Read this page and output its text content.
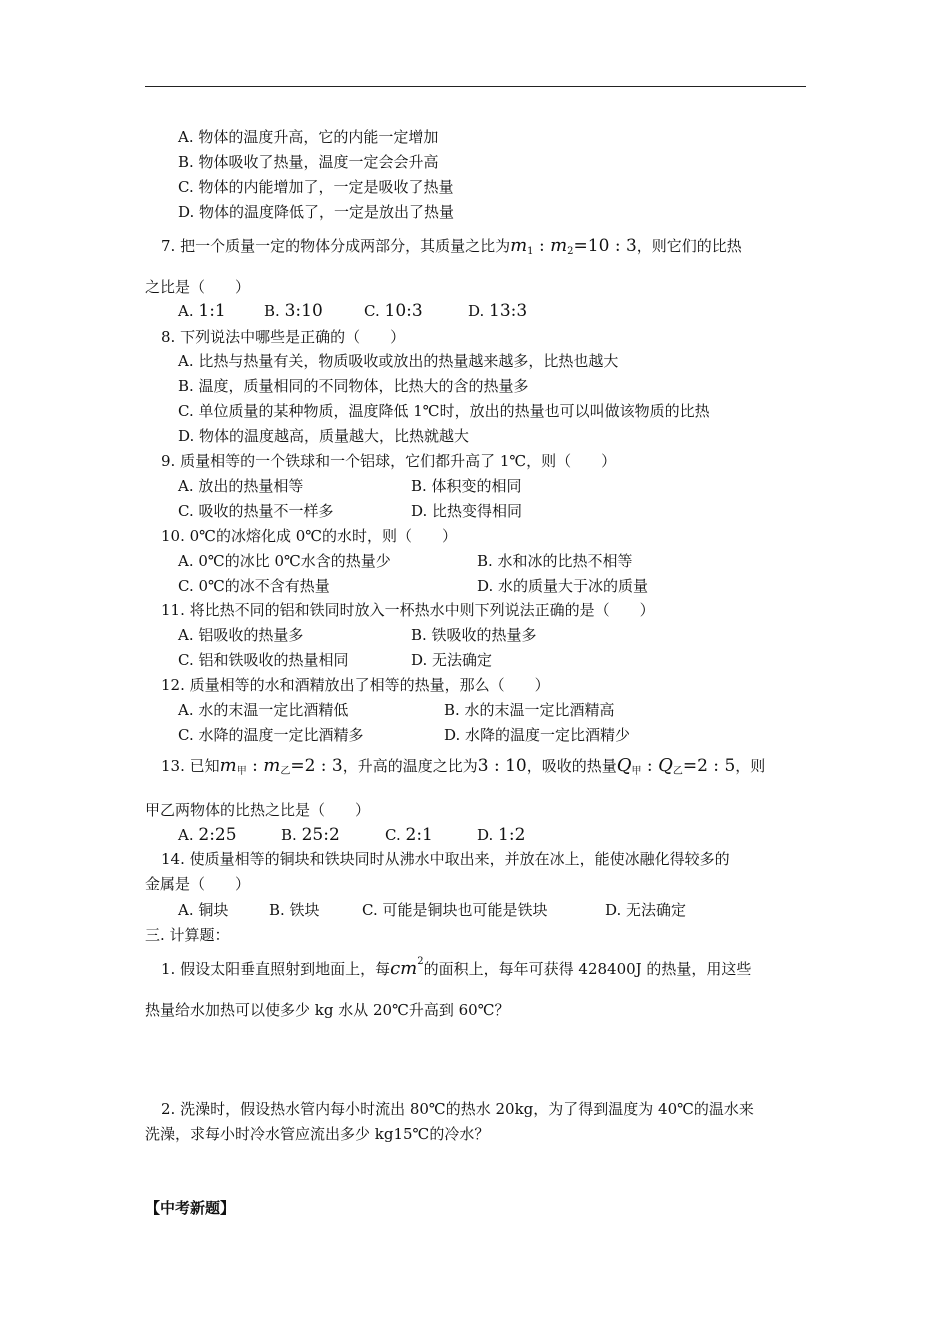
A. 物体的温度升高，它的内能一定增加
B. 物体吸收了热量，温度一定会会升高
C. 物体的内能增加了，一定是吸收了热量
D. 物体的温度降低了，一定是放出了热量
7. 把一个质量一定的物体分成两部分，其质量之比为$m_1$ : $m_2=10$ : 3，则它们的比热
之比是（　　）
A. 1:1	B. 3:10	C. 10:3	D. 13:3
8. 下列说法中哪些是正确的（　　）
A. 比热与热量有关，物质吸收或放出的热量越来越多，比热也越大
B. 温度，质量相同的不同物体，比热大的含的热量多
C. 单位质量的某种物质，温度降低 1℃时，放出的热量也可以叫做该物质的比热
D. 物体的温度越高，质量越大，比热就越大
9. 质量相等的一个铁球和一个铝球，它们都升高了 1℃，则（　　）
A. 放出的热量相等	B. 体积变的相同
C. 吸收的热量不一样多	D. 比热变得相同
10. 0℃的冰熔化成 0℃的水时，则（　　）
A. 0℃的冰比 0℃水含的热量少	B. 水和冰的比热不相等
C. 0℃的冰不含有热量	D. 水的质量大于冰的质量
11. 将比热不同的铝和铁同时放入一杯热水中则下列说法正确的是（　　）
A. 铝吸收的热量多	B. 铁吸收的热量多
C. 铝和铁吸收的热量相同	D. 无法确定
12. 质量相等的水和酒精放出了相等的热量，那么（　　）
A. 水的末温一定比酒精低	B. 水的末温一定比酒精高
C. 水降的温度一定比酒精多	D. 水降的温度一定比酒精少
13. 已知$m_甲$ : $m_乙=2$ : 3，升高的温度之比为3 : 10，吸收的热量$Q_甲$ : $Q_乙=2$ : 5，则
甲乙两物体的比热之比是（　　）
A. 2:25	B. 25:2	C. 2:1	D. 1:2
14. 使质量相等的铜块和铁块同时从沸水中取出来，并放在冰上，能使冰融化得较多的
金属是（　　）
A. 铜块	B. 铁块	C. 可能是铜块也可能是铁块	D. 无法确定
三. 计算题：
1. 假设太阳垂直照射到地面上，每$cm^2$的面积上，每年可获得 428400J 的热量，用这些
热量给水加热可以使多少 kg 水从 20℃升高到 60℃？
2. 洗澡时，假设热水管内每小时流出 80℃的热水 20kg，为了得到温度为 40℃的温水来
洗澡，求每小时冷水管应流出多少 kg15℃的冷水？
【中考新题】
